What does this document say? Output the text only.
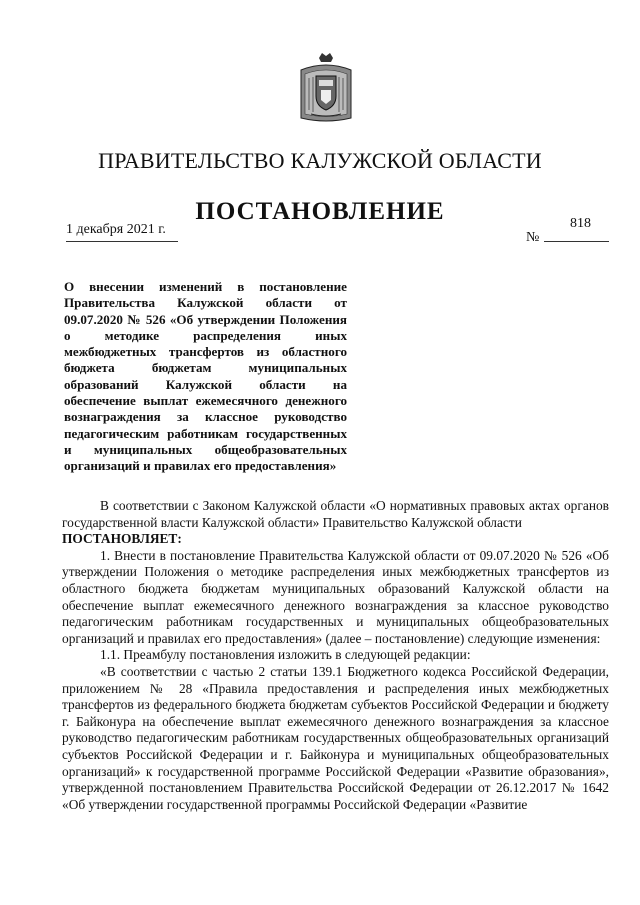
ПРАВИТЕЛЬСТВО КАЛУЖСКОЙ ОБЛАСТИ
ПОСТАНОВЛЕНИЕ
1 декабря 2021 г.
№
818
О внесении изменений в постановление Правительства Калужской области от 09.07.2020 № 526 «Об утверждении Положения о методике распределения иных межбюджетных трансфертов из областного бюджета бюджетам муниципальных образований Калужской области на обеспечение выплат ежемесячного денежного вознаграждения за классное руководство педагогическим работникам государственных и муниципальных общеобразовательных организаций и правилах его предоставления»

В соответствии с Законом Калужской области «О нормативных правовых актах органов государственной власти Калужской области» Правительство Калужской области

ПОСТАНОВЛЯЕТ:

1. Внести в постановление Правительства Калужской области от 09.07.2020 № 526 «Об утверждении Положения о методике распределения иных межбюджетных трансфертов из областного бюджета бюджетам муниципальных образований Калужской области на обеспечение выплат ежемесячного денежного вознаграждения за классное руководство педагогическим работникам государственных и муниципальных общеобразовательных организаций и правилах его предоставления» (далее – постановление) следующие изменения:

1.1. Преамбулу постановления изложить в следующей редакции:

«В соответствии с частью 2 статьи 139.1 Бюджетного кодекса Российской Федерации, приложением № 28 «Правила предоставления и распределения иных межбюджетных трансфертов из федерального бюджета бюджетам субъектов Российской Федерации и бюджету г. Байконура на обеспечение выплат ежемесячного денежного вознаграждения за классное руководство педагогическим работникам государственных общеобразовательных организаций субъектов Российской Федерации и г. Байконура и муниципальных общеобразовательных организаций» к государственной программе Российской Федерации «Развитие образования», утвержденной постановлением Правительства Российской Федерации от 26.12.2017 № 1642 «Об утверждении государственной программы Российской Федерации «Развитие
